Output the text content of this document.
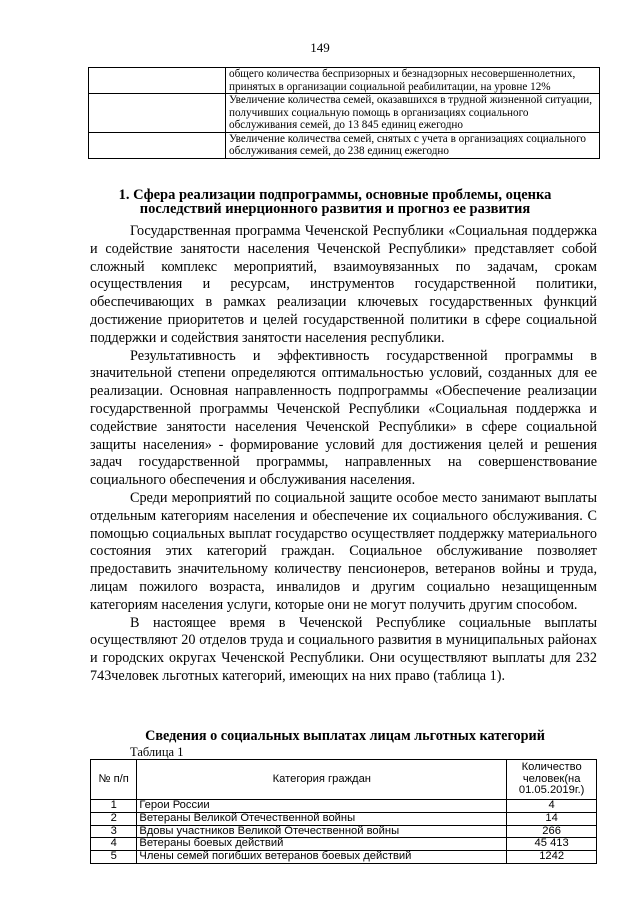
149
	общего количества беспризорных и безнадзорных несовершеннолетних, принятых в организации социальной реабилитации, на уровне 12%
	Увеличение количества семей, оказавшихся в трудной жизненной ситуации, получивших социальную помощь в организациях социального обслуживания семей, до 13 845 единиц ежегодно
	Увеличение количества семей, снятых с учета в организациях социального обслуживания семей, до 238 единиц ежегодно
1. Сфера реализации подпрограммы, основные проблемы, оценка последствий инерционного развития и прогноз ее развития

Государственная программа Чеченской Республики «Социальная поддержка и содействие занятости населения Чеченской Республики» представляет собой сложный комплекс мероприятий, взаимоувязанных по задачам, срокам осуществления и ресурсам, инструментов государственной политики, обеспечивающих в рамках реализации ключевых государственных функций достижение приоритетов и целей государственной политики в сфере социальной поддержки и содействия занятости населения республики.

Результативность и эффективность государственной программы в значительной степени определяются оптимальностью условий, созданных для ее реализации. Основная направленность подпрограммы «Обеспечение реализации государственной программы Чеченской Республики «Социальная поддержка и содействие занятости населения Чеченской Республики» в сфере социальной защиты населения» - формирование условий для достижения целей и решения задач государственной программы, направленных на совершенствование социального обеспечения и обслуживания населения.

Среди мероприятий по социальной защите особое место занимают выплаты отдельным категориям населения и обеспечение их социального обслуживания. С помощью социальных выплат государство осуществляет поддержку материального состояния этих категорий граждан. Социальное обслуживание позволяет предоставить значительному количеству пенсионеров, ветеранов войны и труда, лицам пожилого возраста, инвалидов и другим социально незащищенным категориям населения услуги, которые они не могут получить другим способом.

В настоящее время в Чеченской Республике социальные выплаты осуществляют 20 отделов труда и социального развития в муниципальных районах и городских округах Чеченской Республики. Они осуществляют выплаты для 232 743человек льготных категорий, имеющих на них право (таблица 1).

Сведения о социальных выплатах лицам льготных категорий
Таблица 1
№ п/п	Категория граждан	Количество человек(на 01.05.2019г.)
1	Герои России	4
2	Ветераны Великой Отечественной войны	14
3	Вдовы участников Великой Отечественной войны	266
4	Ветераны боевых действий	45 413
5	Члены семей погибших ветеранов боевых действий	1242
